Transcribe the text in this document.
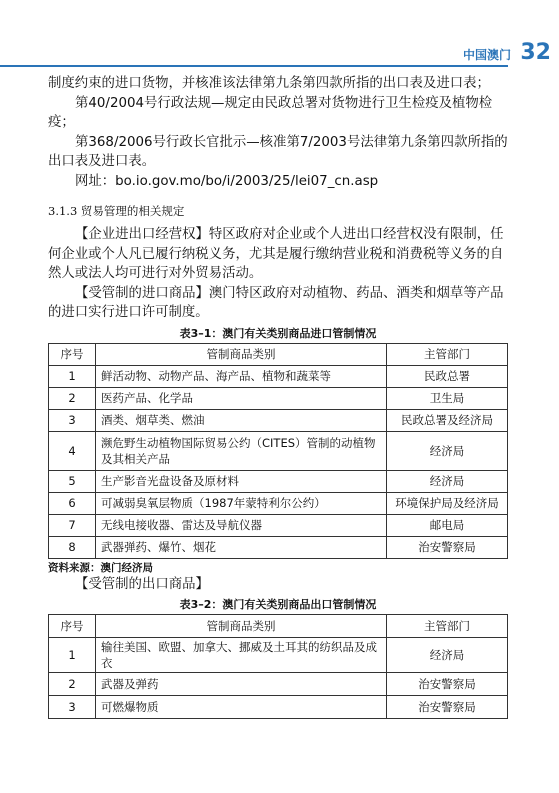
中国澳门 32

制度约束的进口货物，并核准该法律第九条第四款所指的出口表及进口表；

第40/2004号行政法规—规定由民政总署对货物进行卫生检疫及植物检疫；

第368/2006号行政长官批示—核准第7/2003号法律第九条第四款所指的出口表及进口表。

网址：bo.io.gov.mo/bo/i/2003/25/lei07_cn.asp

3.1.3 贸易管理的相关规定

【企业进出口经营权】特区政府对企业或个人进出口经营权没有限制，任何企业或个人凡已履行纳税义务，尤其是履行缴纳营业税和消费税等义务的自然人或法人均可进行对外贸易活动。

【受管制的进口商品】澳门特区政府对动植物、药品、酒类和烟草等产品的进口实行进口许可制度。

表3–1：澳门有关类别商品进口管制情况
序号	管制商品类别	主管部门
1	鲜活动物、动物产品、海产品、植物和蔬菜等	民政总署
2	医药产品、化学品	卫生局
3	酒类、烟草类、燃油	民政总署及经济局
4	濒危野生动植物国际贸易公约（CITES）管制的动植物及其相关产品	经济局
5	生产影音光盘设备及原材料	经济局
6	可减弱臭氧层物质（1987年蒙特利尔公约）	环境保护局及经济局
7	无线电接收器、雷达及导航仪器	邮电局
8	武器弹药、爆竹、烟花	治安警察局
资料来源：澳门经济局

【受管制的出口商品】

表3–2：澳门有关类别商品出口管制情况
序号	管制商品类别	主管部门
1	输往美国、欧盟、加拿大、挪威及土耳其的纺织品及成衣	经济局
2	武器及弹药	治安警察局
3	可燃爆物质	治安警察局
